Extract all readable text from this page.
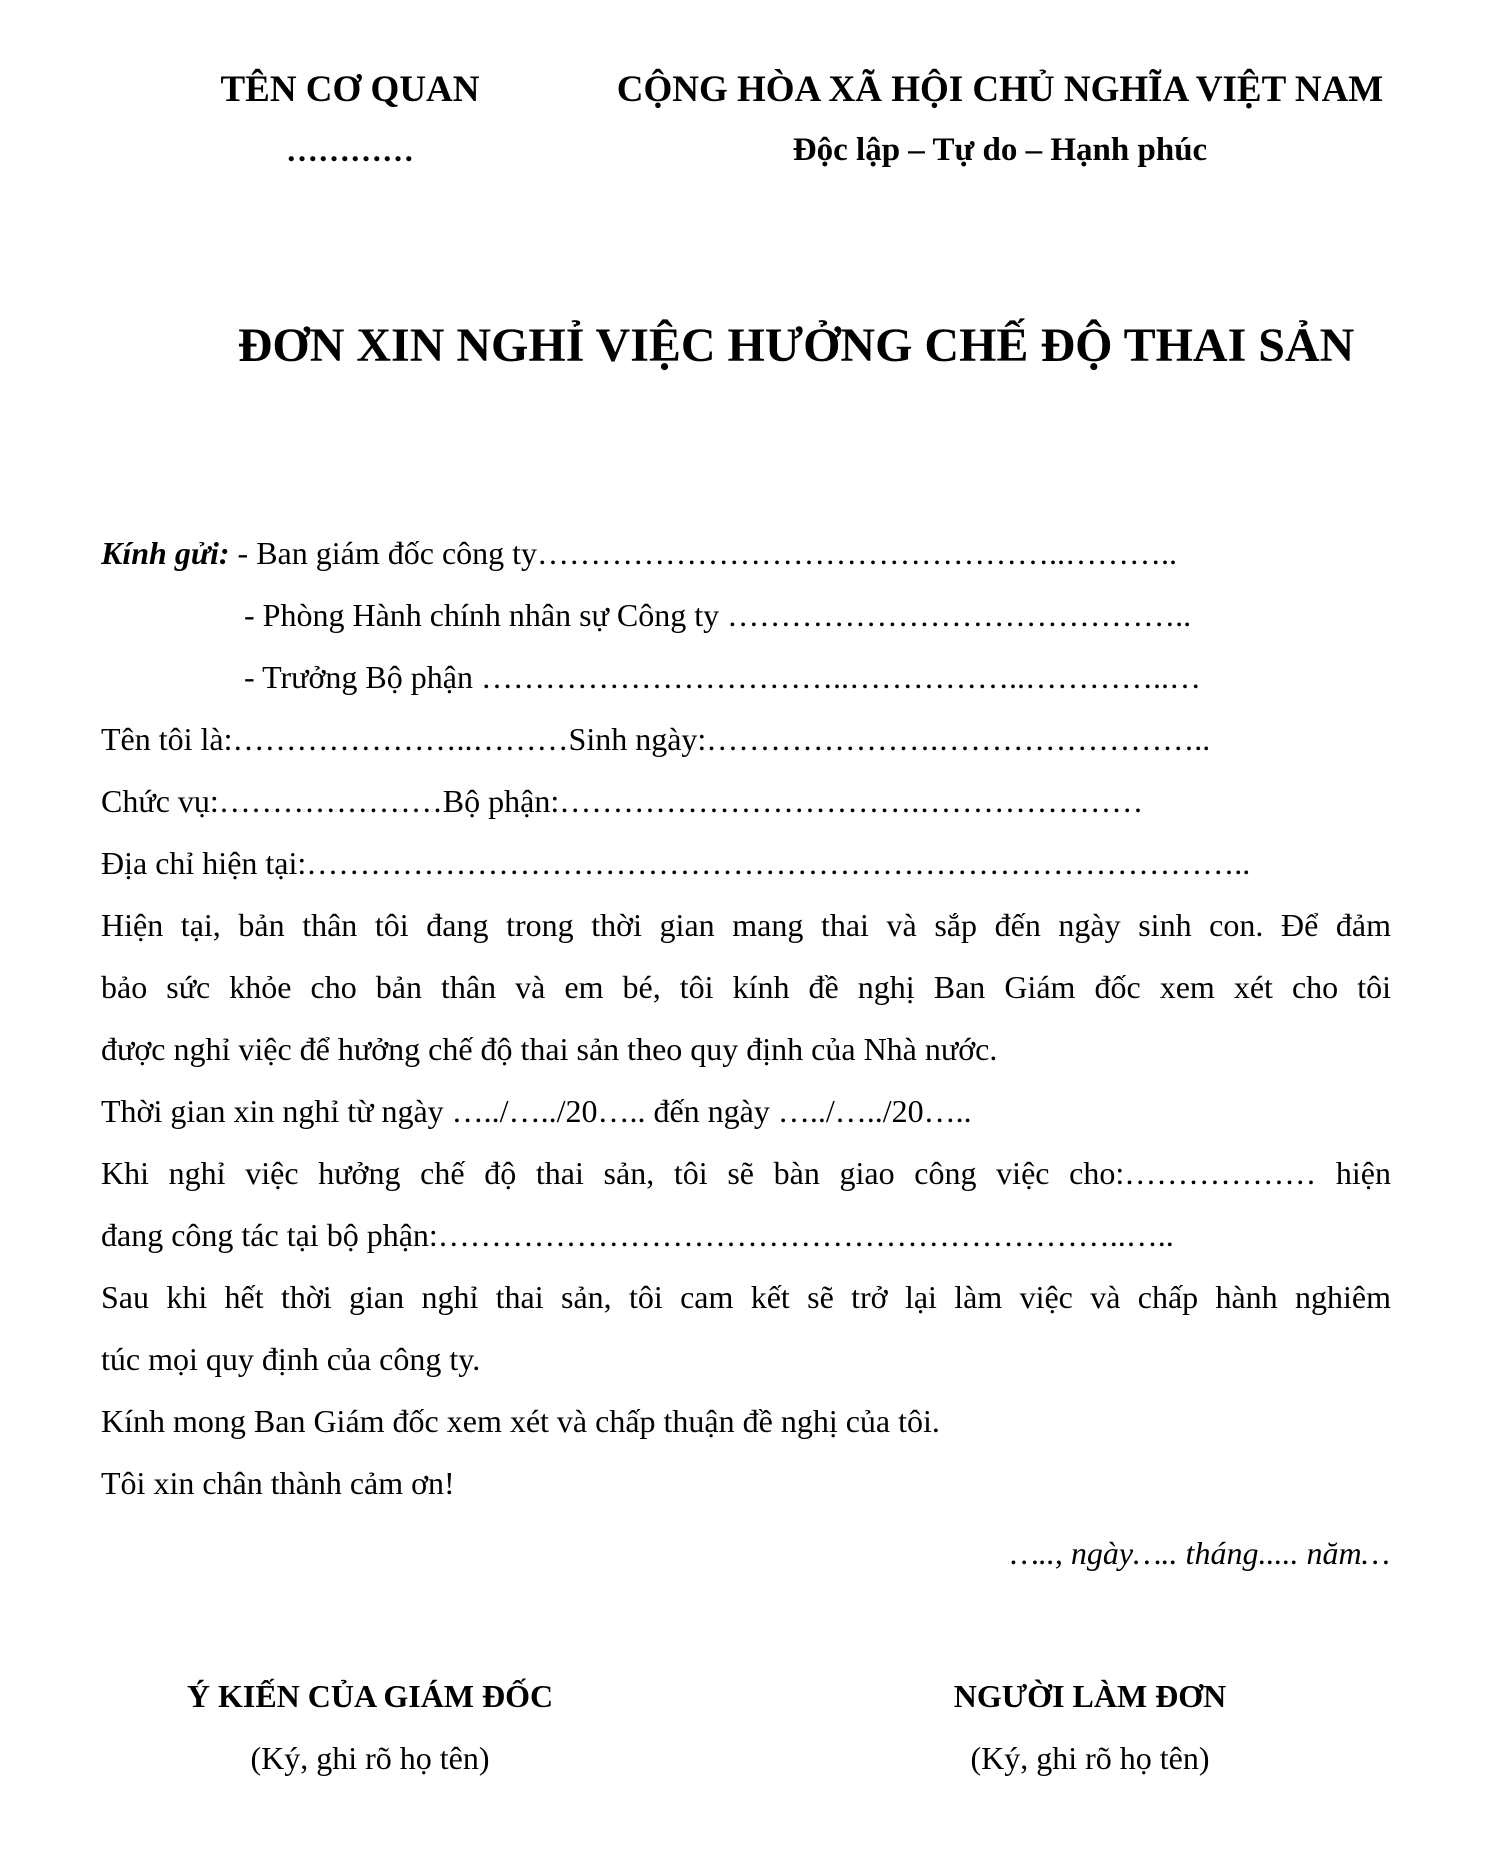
TÊN CƠ QUAN
…………
CỘNG HÒA XÃ HỘI CHỦ NGHĨA VIỆT NAM
Độc lập – Tự do – Hạnh phúc
ĐƠN XIN NGHỈ VIỆC HƯỞNG CHẾ ĐỘ THAI SẢN
Kính gửi: - Ban giám đốc công ty…………………………………………..………..
- Phòng Hành chính nhân sự Công ty ……………………………………..
- Trưởng Bộ phận ……………………………..……………..…………..…
Tên tôi là:…………………..………Sinh ngày:………………….……………………..
Chức vụ:…………………Bộ phận:…………………………….…………………
Địa chỉ hiện tại:……………………………………………………………………………..
Hiện tại, bản thân tôi đang trong thời gian mang thai và sắp đến ngày sinh con. Để đảm
bảo sức khỏe cho bản thân và em bé, tôi kính đề nghị Ban Giám đốc xem xét cho tôi
được nghỉ việc để hưởng chế độ thai sản theo quy định của Nhà nước.
Thời gian xin nghỉ từ ngày …../…../20….. đến ngày …../…../20…..
Khi nghỉ việc hưởng chế độ thai sản, tôi sẽ bàn giao công việc cho:……………… hiện
đang công tác tại bộ phận:………………………………………………………..…..
Sau khi hết thời gian nghỉ thai sản, tôi cam kết sẽ trở lại làm việc và chấp hành nghiêm
túc mọi quy định của công ty.
Kính mong Ban Giám đốc xem xét và chấp thuận đề nghị của tôi.
Tôi xin chân thành cảm ơn!
….., ngày….. tháng..... năm…
Ý KIẾN CỦA GIÁM ĐỐC
(Ký, ghi rõ họ tên)
NGƯỜI LÀM ĐƠN
(Ký, ghi rõ họ tên)
